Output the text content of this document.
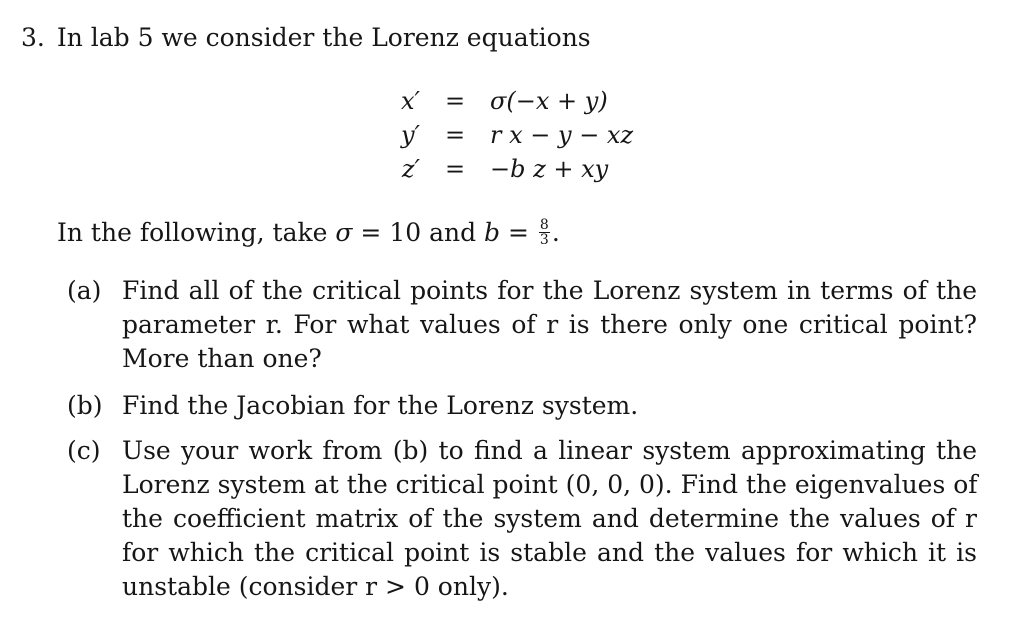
3. In lab 5 we consider the Lorenz equations
x′	=	σ(−x + y)
y′	=	r x − y − xz
z′	=	−b z + xy
In the following, take σ = 10 and $b = \frac{8}{3}$ .
(a) Find all of the critical points for the Lorenz system in terms of the
parameter r. For what values of r is there only one critical point?
More than one?
(b) Find the Jacobian for the Lorenz system.
(c) Use your work from (b) to find a linear system approximating the
Lorenz system at the critical point (0, 0, 0). Find the eigenvalues of
the coefficient matrix of the system and determine the values of r
for which the critical point is stable and the values for which it is
unstable (consider r > 0 only).
